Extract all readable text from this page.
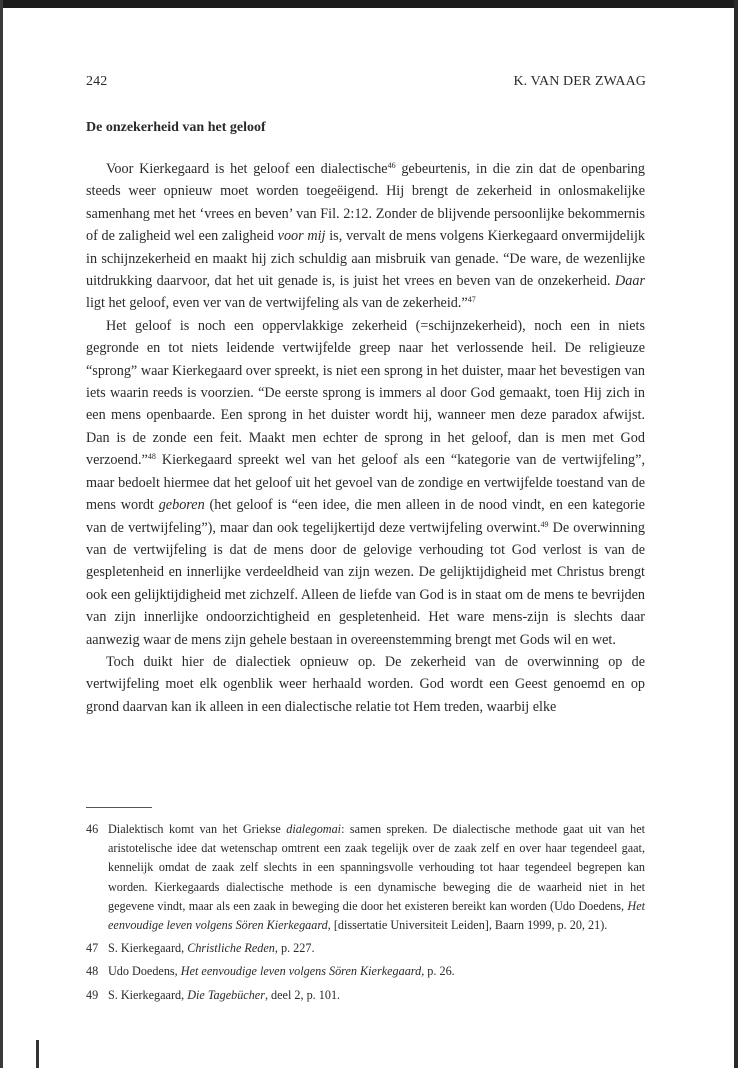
242	K. VAN DER ZWAAG
De onzekerheid van het geloof

Voor Kierkegaard is het geloof een dialectische$^{46}$ gebeurtenis, in die zin dat de openbaring steeds weer opnieuw moet worden toegeëigend. Hij brengt de zekerheid in onlosmakelijke samenhang met het ‘vrees en beven’ van Fil. 2:12. Zonder de blijvende persoonlijke bekommernis of de zaligheid wel een zaligheid voor mij is, vervalt de mens volgens Kierkegaard onvermijdelijk in schijnzekerheid en maakt hij zich schuldig aan misbruik van genade. “De ware, de wezenlijke uitdrukking daarvoor, dat het uit genade is, is juist het vrees en beven van de onzekerheid. Daar ligt het geloof, even ver van de vertwijfeling als van de zekerheid.”$^{47}$

Het geloof is noch een oppervlakkige zekerheid (=schijnzekerheid), noch een in niets gegronde en tot niets leidende vertwijfelde greep naar het verlossende heil. De religieuze “sprong” waar Kierkegaard over spreekt, is niet een sprong in het duister, maar het bevestigen van iets waarin reeds is voorzien. “De eerste sprong is immers al door God gemaakt, toen Hij zich in een mens openbaarde. Een sprong in het duister wordt hij, wanneer men deze paradox afwijst. Dan is de zonde een feit. Maakt men echter de sprong in het geloof, dan is men met God verzoend.”$^{48}$ Kierkegaard spreekt wel van het geloof als een “kategorie van de vertwijfeling”, maar bedoelt hiermee dat het geloof uit het gevoel van de zondige en vertwijfelde toestand van de mens wordt geboren (het geloof is “een idee, die men alleen in de nood vindt, en een kategorie van de vertwijfeling”), maar dan ook tegelijkertijd deze vertwijfeling overwint.$^{49}$ De overwinning van de vertwijfeling is dat de mens door de gelovige verhouding tot God verlost is van de gespletenheid en innerlijke verdeeldheid van zijn wezen. De gelijktijdigheid met Christus brengt ook een gelijktijdigheid met zichzelf. Alleen de liefde van God is in staat om de mens te bevrijden van zijn innerlijke ondoorzichtigheid en gespletenheid. Het ware mens-zijn is slechts daar aanwezig waar de mens zijn gehele bestaan in overeenstemming brengt met Gods wil en wet.

Toch duikt hier de dialectiek opnieuw op. De zekerheid van de overwinning op de vertwijfeling moet elk ogenblik weer herhaald worden. God wordt een Geest genoemd en op grond daarvan kan ik alleen in een dialectische relatie tot Hem treden, waarbij elke

46 Dialektisch komt van het Griekse dialegomai: samen spreken. De dialectische methode gaat uit van het aristotelische idee dat wetenschap omtrent een zaak tegelijk over de zaak zelf en over haar tegendeel gaat, kennelijk omdat de zaak zelf slechts in een spanningsvolle verhouding tot haar tegendeel begrepen kan worden. Kierkegaards dialectische methode is een dynamische beweging die de waarheid niet in het gegevene vindt, maar als een zaak in beweging die door het existeren bereikt kan worden (Udo Doedens, Het eenvoudige leven volgens Sören Kierkegaard, [dissertatie Universiteit Leiden], Baarn 1999, p. 20, 21).
47 S. Kierkegaard, Christliche Reden, p. 227.
48 Udo Doedens, Het eenvoudige leven volgens Sören Kierkegaard, p. 26.
49 S. Kierkegaard, Die Tagebücher, deel 2, p. 101.
